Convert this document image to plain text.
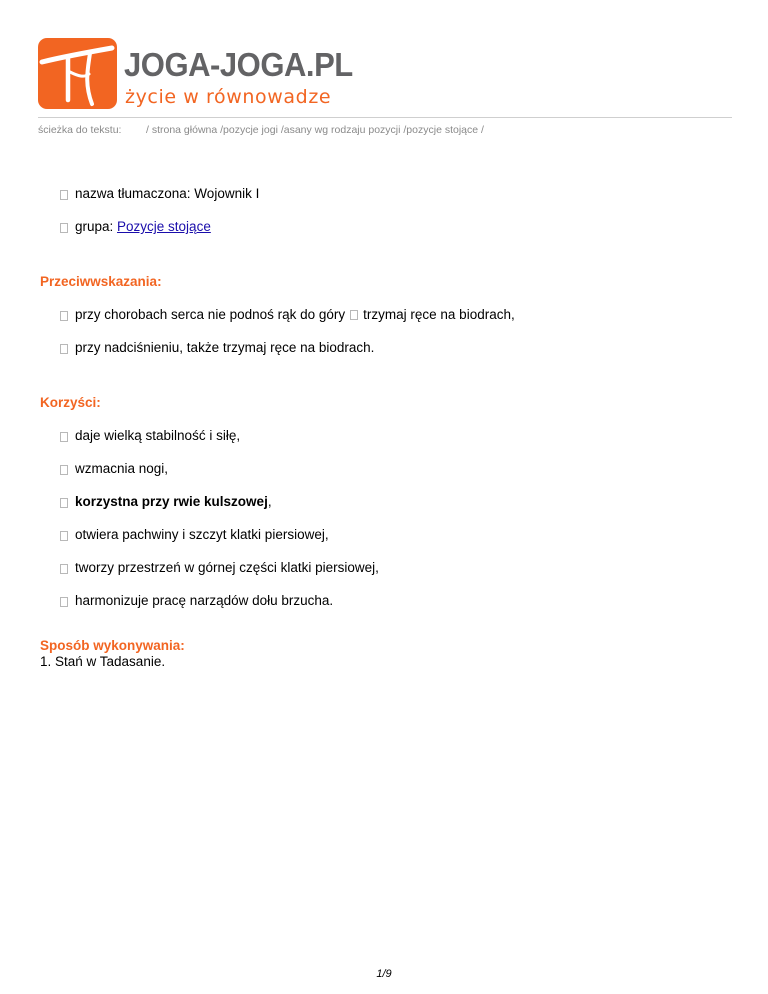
JOGA-JOGA.PL
życie w równowadze
ścieżka do tekstu: / strona główna /pozycje jogi /asany wg rodzaju pozycji /pozycje stojące /
nazwa tłumaczona: Wojownik I
grupa: Pozycje stojące
Przeciwwskazania:
przy chorobach serca nie podnoś rąk do góry trzymaj ręce na biodrach,
przy nadciśnieniu, także trzymaj ręce na biodrach.
Korzyści:
daje wielką stabilność i siłę,
wzmacnia nogi,
korzystna przy rwie kulszowej,
otwiera pachwiny i szczyt klatki piersiowej,
tworzy przestrzeń w górnej części klatki piersiowej,
harmonizuje pracę narządów dołu brzucha.
Sposób wykonywania:
1. Stań w Tadasanie.
1/9
